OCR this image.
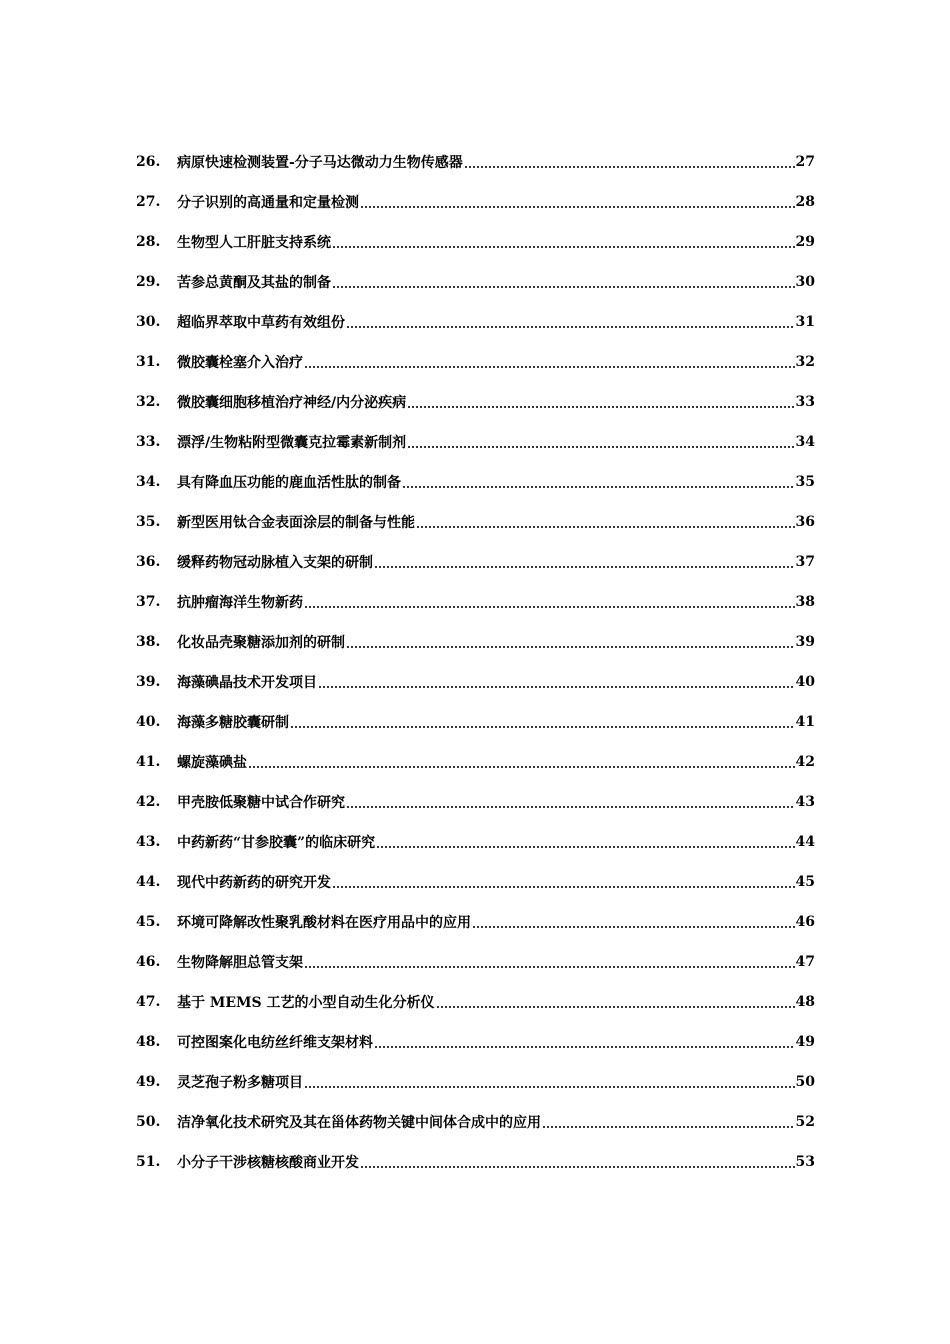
26.	病原快速检测装置-分子马达微动力生物传感器	27
27.	分子识别的高通量和定量检测	28
28.	生物型人工肝脏支持系统	29
29.	苦参总黄酮及其盐的制备	30
30.	超临界萃取中草药有效组份	31
31.	微胶囊栓塞介入治疗	32
32.	微胶囊细胞移植治疗神经/内分泌疾病	33
33.	漂浮/生物粘附型微囊克拉霉素新制剂	34
34.	具有降血压功能的鹿血活性肽的制备	35
35.	新型医用钛合金表面涂层的制备与性能	36
36.	缓释药物冠动脉植入支架的研制	37
37.	抗肿瘤海洋生物新药	38
38.	化妆品壳聚糖添加剂的研制	39
39.	海藻碘晶技术开发项目	40
40.	海藻多糖胶囊研制	41
41.	螺旋藻碘盐	42
42.	甲壳胺低聚糖中试合作研究	43
43.	中药新药“甘参胶囊”的临床研究	44
44.	现代中药新药的研究开发	45
45.	环境可降解改性聚乳酸材料在医疗用品中的应用	46
46.	生物降解胆总管支架	47
47.	基于 MEMS 工艺的小型自动生化分析仪	48
48.	可控图案化电纺丝纤维支架材料	49
49.	灵芝孢子粉多糖项目	50
50.	洁净氧化技术研究及其在甾体药物关键中间体合成中的应用	52
51.	小分子干涉核糖核酸商业开发	53
